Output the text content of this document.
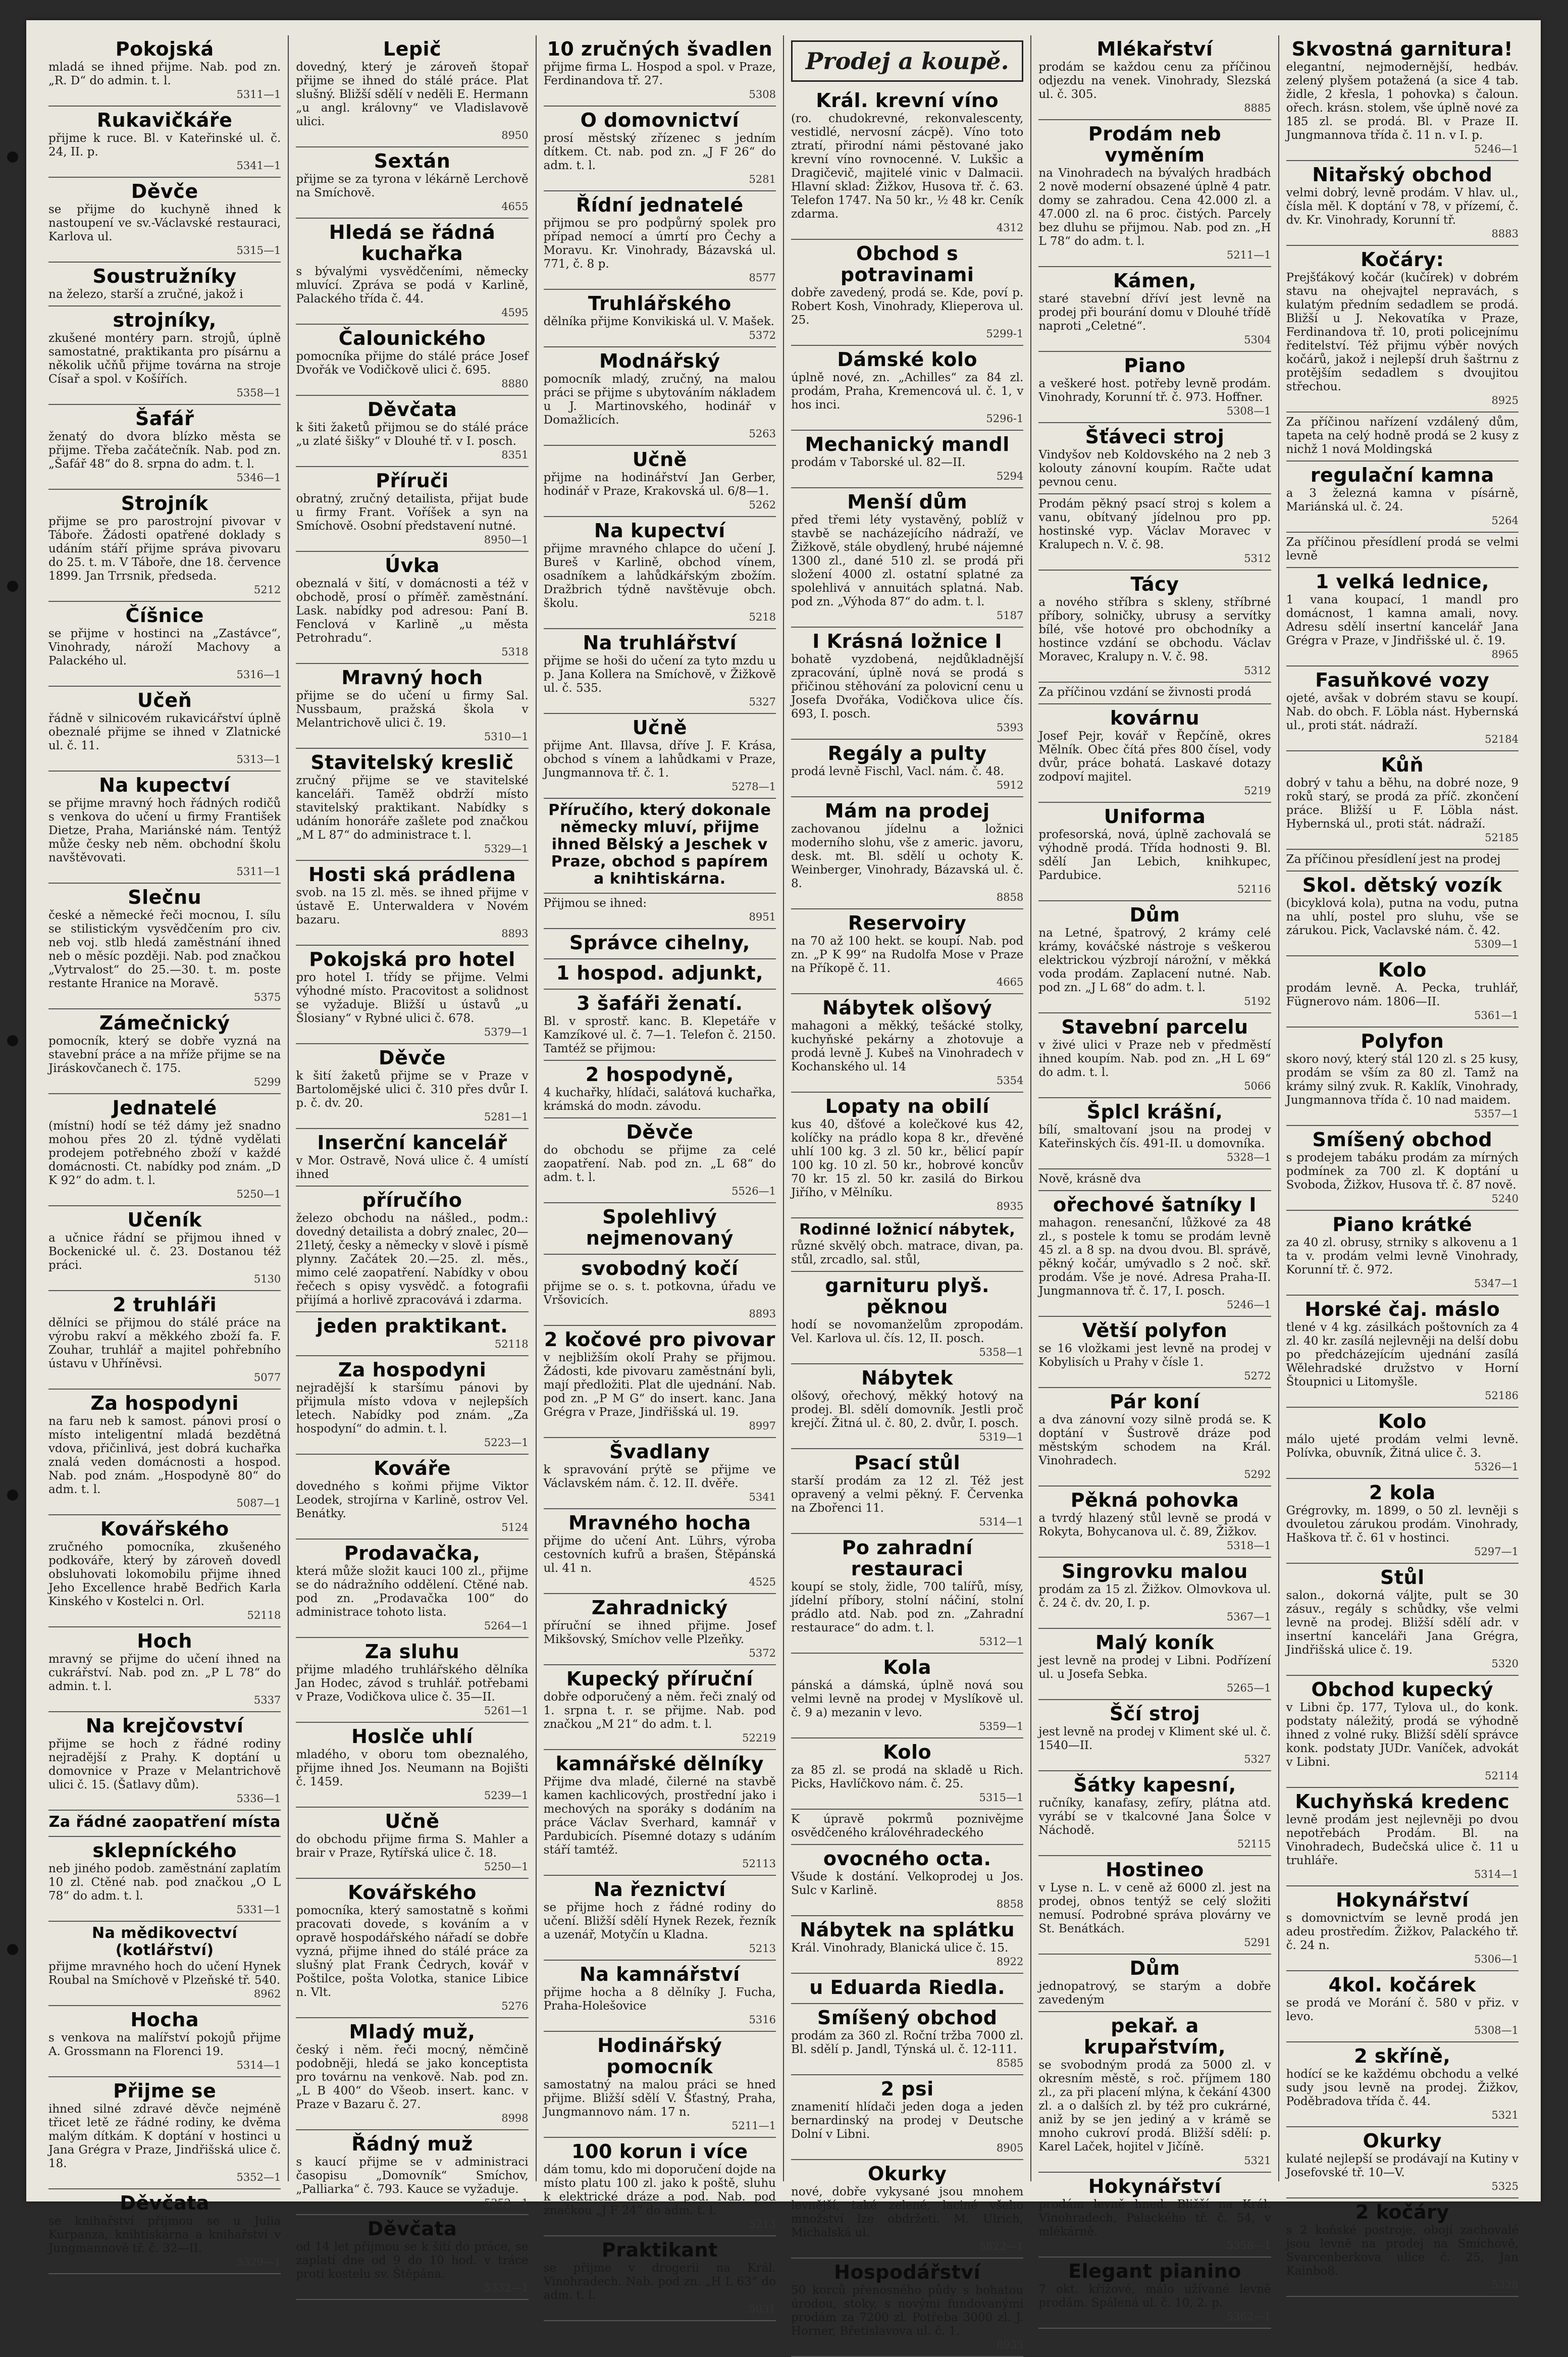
Pokojská

mladá se ihned přijme. Nab. pod zn. „R. D“ do admin. t. l.

5311—1
Rukavičkáře

přijme k ruce. Bl. v Kateřinské ul. č. 24, II. p.

5341—1
Děvče

se přijme do kuchyně ihned k nastoupení ve sv.-Václavské restauraci, Karlova ul.

5315—1
Soustružníky

na železo, starší a zručné, jakož i

strojníky,

zkušené montéry parn. strojů, úplně samostatné, praktikanta pro písárnu a několik učňů přijme továrna na stroje Císař a spol. v Košířích.

5358—1
Šafář

ženatý do dvora blízko města se přijme. Třeba začátečník. Nab. pod zn. „Šafář 48“ do 8. srpna do adm. t. l.

5346—1
Strojník

přijme se pro parostrojní pivovar v Táboře. Žádosti opatřené doklady s udáním stáří přijme správa pivovaru do 25. t. m. V Táboře, dne 18. července 1899. Jan Trrsnik, předseda.

5212
Číšnice

se přijme v hostinci na „Zastávce“, Vinohrady, nároží Machovy a Palackého ul.

5316—1
Učeň

řádně v silnicovém rukavicářství úplně obeznalé přijme se ihned v Zlatnické ul. č. 11.

5313—1
Na kupectví

se přijme mravný hoch řádných rodičů s venkova do učení u firmy František Dietze, Praha, Mariánské nám. Tentýž může česky neb něm. obchodní školu navštěvovati.

5311—1
Slečnu

české a německé řeči mocnou, I. sílu se stilistickým vysvědčením pro civ. neb voj. stlb hledá zaměstnání ihned neb o měsíc později. Nab. pod značkou „Vytrvalost“ do 25.—30. t. m. poste restante Hranice na Moravě.

5375
Zámečnický

pomocník, který se dobře vyzná na stavební práce a na mříže přijme se na Jiráskovčanech č. 175.

5299
Jednatelé

(místní) hodí se též dámy jež snadno mohou přes 20 zl. týdně vydělati prodejem potřebného zboží v každé domácnosti. Ct. nabídky pod znám. „D K 92“ do adm. t. l.

5250—1
Učeník

a učnice řádní se přijmou ihned v Bockenické ul. č. 23. Dostanou též práci.

5130
2 truhláři

dělníci se přijmou do stálé práce na výrobu rakví a měkkého zboží fa. F. Zouhar, truhlář a majitel pohřebního ústavu v Uhříněvsi.

5077
Za hospodyni

na faru neb k samost. pánovi prosí o místo inteligentní mladá bezdětná vdova, přičinlivá, jest dobrá kuchařka znalá veden domácnosti a hospod. Nab. pod znám. „Hospodyně 80“ do adm. t. l.

5087—1
Kovářského

zručného pomocníka, zkušeného podkováře, který by zároveň dovedl obsluhovati lokomobilu přijme ihned Jeho Excellence hrabě Bedřich Karla Kinského v Kostelci n. Orl.

52118
Hoch

mravný se přijme do učení ihned na cukrářství. Nab. pod zn. „P L 78“ do admin. t. l.

5337
Na krejčovství

přijme se hoch z řádné rodiny nejradější z Prahy. K doptání u domovnice v Praze v Melantrichově ulici č. 15. (Šatlavy dům).

5336—1
Za řádné zaopatření místa
sklepníckého

neb jiného podob. zaměstnání zaplatím 10 zl. Ctěné nab. pod značkou „O L 78“ do adm. t. l.

5331—1
Na mědikovectví (kotlářství)

přijme mravného hoch do učení Hynek Roubal na Smíchově v Plzeňské tř. 540.

8962
Hocha

s venkova na malířství pokojů přijme A. Grossmann na Florenci 19.

5314—1
Přijme se

ihned silné zdravé děvče nejméně třicet letě ze řádné rodiny, ke dvěma malým dítkám. K doptání v hostinci u Jana Grégra v Praze, Jindřišská ulice č. 18.

5352—1
Děvčata

se knihařství přijmou se u Julia Kurpanza, knihtiskárna a knihařství v Jungmannově tř. č. 32—II.

5329—1
Lepič

dovedný, který je zároveň štopař přijme se ihned do stálé práce. Plat slušný. Bližší sdělí v neděli E. Hermann „u angl. královny“ ve Vladislavově ulici.

8950
Sextán

přijme se za tyrona v lékárně Lerchově na Smíchově.

4655
Hledá se řádná kuchařka

s bývalými vysvědčeními, německy mluvící. Zpráva se podá v Karlině, Palackého třída č. 44.

4595
Čalounického

pomocníka přijme do stálé práce Josef Dvořák ve Vodičkově ulici č. 695.

8880
Děvčata

k šiti žaketů přijmou se do stálé práce „u zlaté šišky“ v Dlouhé tř. v I. posch.

8351
Příruči

obratný, zručný detailista, přijat bude u firmy Frant. Voříšek a syn na Smíchově. Osobní představení nutné.

8950—1
Úvka

obeznalá v šití, v domácnosti a též v obchodě, prosí o příměř. zaměstnání. Lask. nabídky pod adresou: Paní B. Fenclová v Karlině „u města Petrohradu“.

5318
Mravný hoch

přijme se do učení u firmy Sal. Nussbaum, pražská škola v Melantrichově ulici č. 19.

5310—1
Stavitelský kreslič

zručný přijme se ve stavitelské kanceláři. Taměž obdrží místo stavitelský praktikant. Nabídky s udáním honoráře zašlete pod značkou „M L 87“ do administrace t. l.

5329—1
Hosti ská prádlena

svob. na 15 zl. měs. se ihned přijme v ústavě E. Unterwaldera v Novém bazaru.

8893
Pokojská pro hotel

pro hotel I. třídy se přijme. Velmi výhodné místo. Pracovitost a solidnost se vyžaduje. Bližší u ústavů „u Šlosiany“ v Rybné ulici č. 678.

5379—1
Děvče

k šití žaketů přijme se v Praze v Bartolomějské ulici č. 310 přes dvůr I. p. č. dv. 20.

5281—1
Inserční kancelář

v Mor. Ostravě, Nová ulice č. 4 umístí ihned

příručího

železo obchodu na nášled., podm.: dovedný detailista a dobrý znalec, 20—21letý, česky a německy v slově i písmě plynny. Začátek 20.—25. zl. měs., mimo celé zaopatření. Nabídky v obou řečech s opisy vysvědč. a fotografii přijímá a horlivě zpracovává i zdarma.

jeden praktikant.
52118
Za hospodyni

nejradější k staršímu pánovi by přijmula místo vdova v nejlepších letech. Nabídky pod znám. „Za hospodyní“ do admin. t. l.

5223—1
Kováře

dovedného s koňmi přijme Viktor Leodek, strojírna v Karlině, ostrov Vel. Benátky.

5124
Prodavačka,

která může složit kauci 100 zl., přijme se do nádražního oddělení. Ctěné nab. pod zn. „Prodavačka 100“ do administrace tohoto lista.

5264—1
Za sluhu

přijme mladého truhlářského dělníka Jan Hodec, závod s truhlář. potřebami v Praze, Vodičkova ulice č. 35—II.

5261—1
Hoslče uhlí

mladého, v oboru tom obeznalého, přijme ihned Jos. Neumann na Bojišti č. 1459.

5239—1
Učně

do obchodu přijme firma S. Mahler a brair v Praze, Rytířská ulice č. 18.

5250—1
Kovářského

pomocníka, který samostatně s koňmi pracovati dovede, s kováním a v opravě hospodářského nářadí se dobře vyzná, přijme ihned do stálé práce za slušný plat Frank Čedrych, kovář v Poštilce, pošta Volotka, stanice Libice n. Vlt.

5276
Mladý muž,

český i něm. řeči mocný, němčině podobněji, hledá se jako konceptista pro továrnu na venkově. Nab. pod zn. „L B 400“ do Všeob. insert. kanc. v Praze v Bazaru č. 27.

8998
Řádný muž

s kaucí přijme se v administraci časopisu „Domovník“ Smíchov, „Palliarka“ č. 793. Kauce se vyžaduje.

5352—1
Děvčata

od 14 let přijmou se k šití do práce, se zaplatí dne od 9 do 10 hod. v tráce proti kostelu sv. Štěpána.

5332—1
10 zručných švadlen

přijme firma L. Hospod a spol. v Praze, Ferdinandova tř. 27.

5308
O domovnictví

prosí městský zřízenec s jedním dítkem. Ct. nab. pod zn. „J F 26“ do adm. t. l.

5281
Řídní jednatelé

přijmou se pro podpůrný spolek pro případ nemocí a úmrtí pro Čechy a Moravu. Kr. Vinohrady, Bázavská ul. 771, č. 8 p.

8577
Truhlářského

dělníka přijme Konvikiská ul. V. Mašek.

5372
Modnářský

pomocník mladý, zručný, na malou práci se přijme s ubytováním nákladem u J. Martinovského, hodinář v Domažlicích.

5263
Učně

přijme na hodinářství Jan Gerber, hodinář v Praze, Krakovská ul. 6/8—1.

5262
Na kupectví

přijme mravného chlapce do učení J. Bureš v Karlině, obchod vínem, osadníkem a lahůdkářským zbožím. Dražbrich týdně navštěvuje obch. školu.

5218
Na truhlářství

přijme se hoši do učení za tyto mzdu u p. Jana Kollera na Smíchově, v Žižkově ul. č. 535.

5327
Učně

přijme Ant. Illavsa, dříve J. F. Krása, obchod s vínem a lahůdkami v Praze, Jungmannova tř. č. 1.

5278—1
Příručího, který dokonale německy mluví, přijme ihned Bělský a Jeschek v Praze, obchod s papírem a knihtiskárna.

Přijmou se ihned:

8951
Správce cihelny,
1 hospod. adjunkt,
3 šafáři ženatí.

Bl. v sprostř. kanc. B. Klepetáře v Kamzíkové ul. č. 7—1. Telefon č. 2150. Tamtéž se přijmou:

2 hospodyně,

4 kuchařky, hlídači, salátová kuchařka, krámská do modn. závodu.

Děvče

do obchodu se přijme za celé zaopatření. Nab. pod zn. „L 68“ do adm. t. l.

5526—1
Spolehlivý nejmenovaný
svobodný kočí

přijme se o. s. t. potkovna, úřadu ve Vršovicích.

8893
2 kočové pro pivovar

v nejbližším okolí Prahy se přijmou. Žádosti, kde pivovaru zaměstnání byli, mají předložiti. Plat dle ujednání. Nab. pod zn. „P M G“ do insert. kanc. Jana Grégra v Praze, Jindřišská ul. 19.

8997
Švadlany

k spravování prýtě se přijme ve Václavském nám. č. 12. II. dvěře.

5341
Mravného hocha

přijme do učení Ant. Lührs, výroba cestovních kufrů a brašen, Štěpánská ul. 41 n.

4525
Zahradnický

příruční se ihned přijme. Josef Mikšovský, Smíchov velle Plzeňky.

5372
Kupecký příruční

dobře odporučený a něm. řeči znalý od 1. srpna t. r. se přijme. Nab. pod značkou „M 21“ do adm. t. l.

52219
kamnářské dělníky

Přijme dva mladé, čilerné na stavbě kamen kachlicových, prostřední jako i mechových na sporáky s dodáním na práce Václav Sverhard, kamnář v Pardubicích. Písemné dotazy s udáním stáří tamtéž.

52113
Na řeznictví

se přijme hoch z řádné rodiny do učení. Bližší sdělí Hynek Rezek, řezník a uzenář, Motyčín u Kladna.

5213
Na kamnářství

přijme hocha a 8 dělníky J. Fucha, Praha-Holešovice

5316
Hodinářský pomocník

samostatný na malou práci se hned přijme. Bližší sdělí V. Šťastný, Praha, Jungmannovo nám. 17 n.

5211—1
100 korun i více

dám tomu, kdo mi doporučení dojde na místo platu 100 zl. jako k poště, sluhu k elektrické dráze a pod. Nab. pod značkou „J F 24“ do adm. t. l.

5213
Praktikant

se přijme v drogerii na Král. Vinohradech. Nab. pod zn. „H L 63“ do adm. t. l.

5031
Prodej a koupě.
Král. krevní víno

(ro. chudokrevné, rekonvalescenty, vestidlé, nervosní zácpě). Víno toto ztratí, přirodní námi pěstované jako krevní víno rovnocenné. V. Lukšic a Dragičevič, majitelé vinic v Dalmacii. Hlavní sklad: Žižkov, Husova tř. č. 63. Telefon 1747. Na 50 kr., ½ 48 kr. Ceník zdarma.

4312
Obchod s potravinami

dobře zavedený, prodá se. Kde, poví p. Robert Kosh, Vinohrady, Klieperova ul. 25.

5299-1
Dámské kolo

úplně nové, zn. „Achilles“ za 84 zl. prodám, Praha, Kremencová ul. č. 1, v hos inci.

5296-1
Mechanický mandl

prodám v Taborské ul. 82—II.

5294
Menší dům

před třemi léty vystavěný, poblíž v stavbě se nacházejícího nádraží, ve Žižkově, stále obydlený, hrubé nájemné 1300 zl., dané 510 zl. se prodá při složení 4000 zl. ostatní splatné za spolehlivá v annuitách splatná. Nab. pod zn. „Výhoda 87“ do adm. t. l.

5187
I Krásná ložnice I

bohatě vyzdobená, nejdůkladnější zpracování, úplně nová se prodá s přičinou stěhování za polovicní cenu u Josefa Dvořáka, Vodičkova ulice čís. 693, I. posch.

5393
Regály a pulty

prodá levně Fischl, Vacl. nám. č. 48.

5912
Mám na prodej

zachovanou jídelnu a ložnici moderního slohu, vše z americ. javoru, desk. mt. Bl. sdělí u ochoty K. Weinberger, Vinohrady, Bázavská ul. č. 8.

8858
Reservoiry

na 70 až 100 hekt. se koupí. Nab. pod zn. „P K 99“ na Rudolfa Mose v Praze na Příkopě č. 11.

4665
Nábytek olšový

mahagoni a měkký, tešácké stolky, kuchyňské pekárny a zhotovuje a prodá levně J. Kubeš na Vinohradech v Kochanského ul. 14

5354
Lopaty na obilí

kus 40, dšťové a kolečkové kus 42, kolíčky na prádlo kopa 8 kr., dřevěné uhlí 100 kg. 3 zl. 50 kr., bělicí papír 100 kg. 10 zl. 50 kr., hobrové koncův 70 kr. 15 zl. 50 kr. zasilá do Birkou Jiřího, v Mělníku.

8935
Rodinné ložnicí nábytek,

různé skvělý obch. matrace, divan, pa. stůl, zrcadlo, sal. stůl,

garnituru plyš. pěknou

hodí se novomanželům zpropodám. Vel. Karlova ul. čís. 12, II. posch.

5358—1
Nábytek

olšový, ořechový, měkký hotový na prodej. Bl. sdělí domovník. Jestli proč krejčí. Žitná ul. č. 80, 2. dvůr, I. posch.

5319—1
Psací stůl

starší prodám za 12 zl. Též jest opravený a velmi pěkný. F. Červenka na Zbořenci 11.

5314—1
Po zahradní restauraci

koupí se stoly, židle, 700 talířů, mísy, jídelní příbory, stolní náčiní, stolní prádlo atd. Nab. pod zn. „Zahradní restaurace“ do adm. t. l.

5312—1
Kola

pánská a dámská, úplně nová sou velmi levně na prodej v Myslíkově ul. č. 9 a) mezanin v levo.

5359—1
Kolo

za 85 zl. se prodá na skladě u Rich. Picks, Havlíčkovo nám. č. 25.

5315—1

K úpravě pokrmů poznivějme osvědčeného královéhradeckého

ovocného octa.

Všude k dostání. Velkoprodej u Jos. Sulc v Karlině.

8858
Nábytek na splátku

Král. Vinohrady, Blanická ulice č. 15.

8922
u Eduarda Riedla.
Smíšený obchod

prodám za 360 zl. Roční tržba 7000 zl. Bl. sdělí p. Jandl, Týnská ul. č. 12-111.

8585
2 psi

znamenití hlídači jeden doga a jeden bernardinský na prodej v Deutsche Dolní v Libni.

8905
Okurky

nové, dobře vykysané jsou mnohem levnější, také zelené, laciné všeho množství lze obdržeti. M. Ulrich, Michalská ul.

5822—1
Hospodářství

50 korců přenosného půdy s bohatou úrodou, stoky, s novými fundovanými prodám za 7200 zl. Potřeba 3000 zl. J. Horner, Břetislavova ul. č. 1.

8933
Mlékařství

prodám se každou cenu za příčinou odjezdu na venek. Vinohrady, Slezská ul. č. 305.

8885
Prodám neb vyměním

na Vinohradech na bývalých hradbách 2 nově moderní obsazené úplně 4 patr. domy se zahradou. Cena 42.000 zl. a 47.000 zl. na 6 proc. čistých. Parcely bez dluhu se přijmou. Nab. pod zn. „H L 78“ do adm. t. l.

5211—1
Kámen,

staré stavební dříví jest levně na prodej při bourání domu v Dlouhé třídě naproti „Celetné“.

5304
Piano

a veškeré host. potřeby levně prodám. Vinohrady, Korunní tř. č. 973. Hoffner.

5308—1
Šťáveci stroj

Vindyšov neb Koldovského na 2 neb 3 kolouty zánovní koupím. Račte udat pevnou cenu.

Prodám pěkný psací stroj s kolem a vanu, obítvaný jídelnou pro pp. hostinské vyp. Václav Moravec v Kralupech n. V. č. 98.

5312
Tácy

a nového stříbra s skleny, stříbrné příbory, solničky, ubrusy a servítky bílé, vše hotové pro obchodníky a hostince vzdání se obchodu. Václav Moravec, Kralupy n. V. č. 98.

5312

Za příčinou vzdání se živnosti prodá

kovárnu

Josef Pejr, kovář v Řepčíně, okres Mělník. Obec čítá přes 800 čísel, vody dvůr, práce bohatá. Laskavé dotazy zodpoví majitel.

5219
Uniforma

profesorská, nová, úplně zachovalá se výhodně prodá. Třída hodnosti 9. Bl. sdělí Jan Lebich, knihkupec, Pardubice.

52116
Dům

na Letné, špatrový, 2 krámy celé krámy, kováčské nástroje s veškerou elektrickou výzbrojí nárožní, v měkká voda prodám. Zaplacení nutné. Nab. pod zn. „J L 68“ do adm. t. l.

5192
Stavební parcelu

v živé ulici v Praze neb v předměstí ihned koupím. Nab. pod zn. „H L 69“ do adm. t. l.

5066
Šplcl krášní,

bílí, smaltovaní jsou na prodej v Kateřinských čís. 491-II. u domovníka.

5328—1

Nově, krásně dva

ořechové šatníky I

mahagon. renesanční, lůžkové za 48 zl., s postele k tomu se prodám levně 45 zl. a 8 sp. na dvou dvou. Bl. správě, pěkný kočár, umývadlo s 2 noč. skř. prodám. Vše je nové. Adresa Praha-II. Jungmannova tř. č. 17, I. posch.

5246—1
Větší polyfon

se 16 vložkami jest levně na prodej v Kobylisích u Prahy v čísle 1.

5272
Pár koní

a dva zánovní vozy silně prodá se. K doptání v Šustrově dráze pod městským schodem na Král. Vinohradech.

5292
Pěkná pohovka

a tvrdý hlazený stůl levně se prodá v Rokyta, Bohycanova ul. č. 89, Žižkov.

5318—1
Singrovku malou

prodám za 15 zl. Žižkov. Olmovkova ul. č. 24 č. dv. 20, I. p.

5367—1
Malý koník

jest levně na prodej v Libni. Podřízení ul. u Josefa Sebka.

5265—1
Ščí stroj

jest levně na prodej v Kliment ské ul. č. 1540—II.

5327
Šátky kapesní,

ručníky, kanafasy, zefíry, plátna atd. vyrábí se v tkalcovné Jana Šolce v Náchodě.

52115
Hostineo

v Lyse n. L. v ceně až 6000 zl. jest na prodej, obnos tentýž se celý složiti nemusí. Podrobné správa plovárny ve St. Benátkách.

5291
Dům

jednopatrový, se starým a dobře zavedeným

pekař. a krupařstvím,

se svobodným prodá za 5000 zl. v okresním městě, s roč. příjmem 180 zl., za při placení mlýna, k čekání 4300 zl. a o dalších zl. by též pro cukrárné, aniž by se jen jediný a v krámě se mnoho cukroví prodá. Bližší sdělí: p. Karel Laček, hojitel v Jičíně.

5321
Hokynářství

prodám levně hned. Bližší na Král. Vinohradech, Palackého tř. č. 54, v mlékárně.

5358—1
Elegant pianino

7 okt. křížové, málo užívané levně prodám. Spálená ul. č. 10, 2. p.

5362—1
Skvostná garnitura!

elegantní, nejmodernější, hedbáv. zelený plyšem potažená (a sice 4 tab. židle, 2 křesla, 1 pohovka) s čaloun. ořech. krásn. stolem, vše úplně nové za 185 zl. se prodá. Bl. v Praze II. Jungmannova třída č. 11 n. v I. p.

5246—1
Nitařský obchod

velmi dobrý, levně prodám. V hlav. ul., čísla měl. K doptání v 78, v přízemí, č. dv. Kr. Vinohrady, Korunní tř.

8883
Kočáry:

Prejšťákový kočár (kučírek) v dobrém stavu na ohejvajtel nepravách, s kulatým předním sedadlem se prodá. Bližší u J. Nekovatíka v Praze, Ferdinandova tř. 10, proti policejnímu ředitelství. Též přijmu výběr nových kočárů, jakož i nejlepší druh šaštrnu z protějším sedadlem s dvoujitou střechou.

8925

Za příčinou nařízení vzdálený dům, tapeta na celý hodně prodá se 2 kusy z nichž 1 nová Moldingská

regulační kamna

a 3 železná kamna v písárně, Mariánská ul. č. 24.

5264

Za příčinou přesídlení prodá se velmi levně

1 velká lednice,

1 vana koupací, 1 mandl pro domácnost, 1 kamna amali, novy. Adresu sdělí insertní kancelář Jana Grégra v Praze, v Jindřišské ul. č. 19.

8965
Fasuňkové vozy

ojeté, avšak v dobrém stavu se koupí. Nab. do obch. F. Löbla nást. Hybernská ul., proti stát. nádraží.

52184
Kůň

dobrý v tahu a běhu, na dobré noze, 9 roků starý, se prodá za příč. zkončení práce. Bližší u F. Löbla nást. Hybernská ul., proti stát. nádraží.

52185

Za příčinou přesídlení jest na prodej

Skol. dětský vozík

(bicyklová kola), putna na vodu, putna na uhlí, postel pro sluhu, vše se zárukou. Pick, Vaclavské nám. č. 42.

5309—1
Kolo

prodám levně. A. Pecka, truhlář, Fügnerovo nám. 1806—II.

5361—1
Polyfon

skoro nový, který stál 120 zl. s 25 kusy, prodám se vším za 80 zl. Tamž na krámy silný zvuk. R. Kaklík, Vinohrady, Jungmannova třída č. 10 nad maidem.

5357—1
Smíšený obchod

s prodejem tabáku prodám za mírných podmínek za 700 zl. K doptání u Svoboda, Žižkov, Husova tř. č. 87 nově.

5240
Piano krátké

za 40 zl. obrusy, strniky s alkovenu a 1 ta v. prodám velmi levně Vinohrady, Korunní tř. č. 972.

5347—1
Horské čaj. máslo

tlené v 4 kg. zásilkách poštovních za 4 zl. 40 kr. zasílá nejlevněji na delší dobu po předcházejícím ujednání zasílá Wělehradské družstvo v Horní Štoupnici u Litomyšle.

52186
Kolo

málo ujeté prodám velmi levně. Polívka, obuvník, Žitná ulice č. 3.

5326—1
2 kola

Grégrovky, m. 1899, o 50 zl. levněji s dvouletou zárukou prodám. Vinohrady, Haškova tř. č. 61 v hostinci.

5297—1
Stůl

salon., dokorná váljte, pult se 30 zásuv., regály s schůdky, vše velmi levně na prodej. Bližší sdělí adr. v insertní kanceláři Jana Grégra, Jindřišská ulice č. 19.

5320
Obchod kupecký

v Libni čp. 177, Tylova ul., do konk. podstaty náležitý, prodá se výhodně ihned z volné ruky. Bližší sdělí správce konk. podstaty JUDr. Vaníček, advokát v Libni.

52114
Kuchyňská kredenc

levně prodám jest nejlevněji po dvou nepotřebách Prodám. Bl. na Vinohradech, Budečská ulice č. 11 u truhláře.

5314—1
Hokynářství

s domovnictvím se levně prodá jen adeu prostředím. Žižkov, Palackého tř. č. 24 n.

5306—1
4kol. kočárek

se prodá ve Morání č. 580 v přiz. v levo.

5308—1
2 skříně,

hodící se ke každému obchodu a velké sudy jsou levně na prodej. Žižkov, Poděbradova třída č. 44.

5321
Okurky

kulaté nejlepší se prodávají na Kutiny v Josefovské tř. 10—V.

5325
2 kočáry

s 2 koňské postroje, obojí zachovalé jsou levně na prodej na Smíchově, Svarcenberkova ulice č. 25, Jan Kainbo8.

5328
